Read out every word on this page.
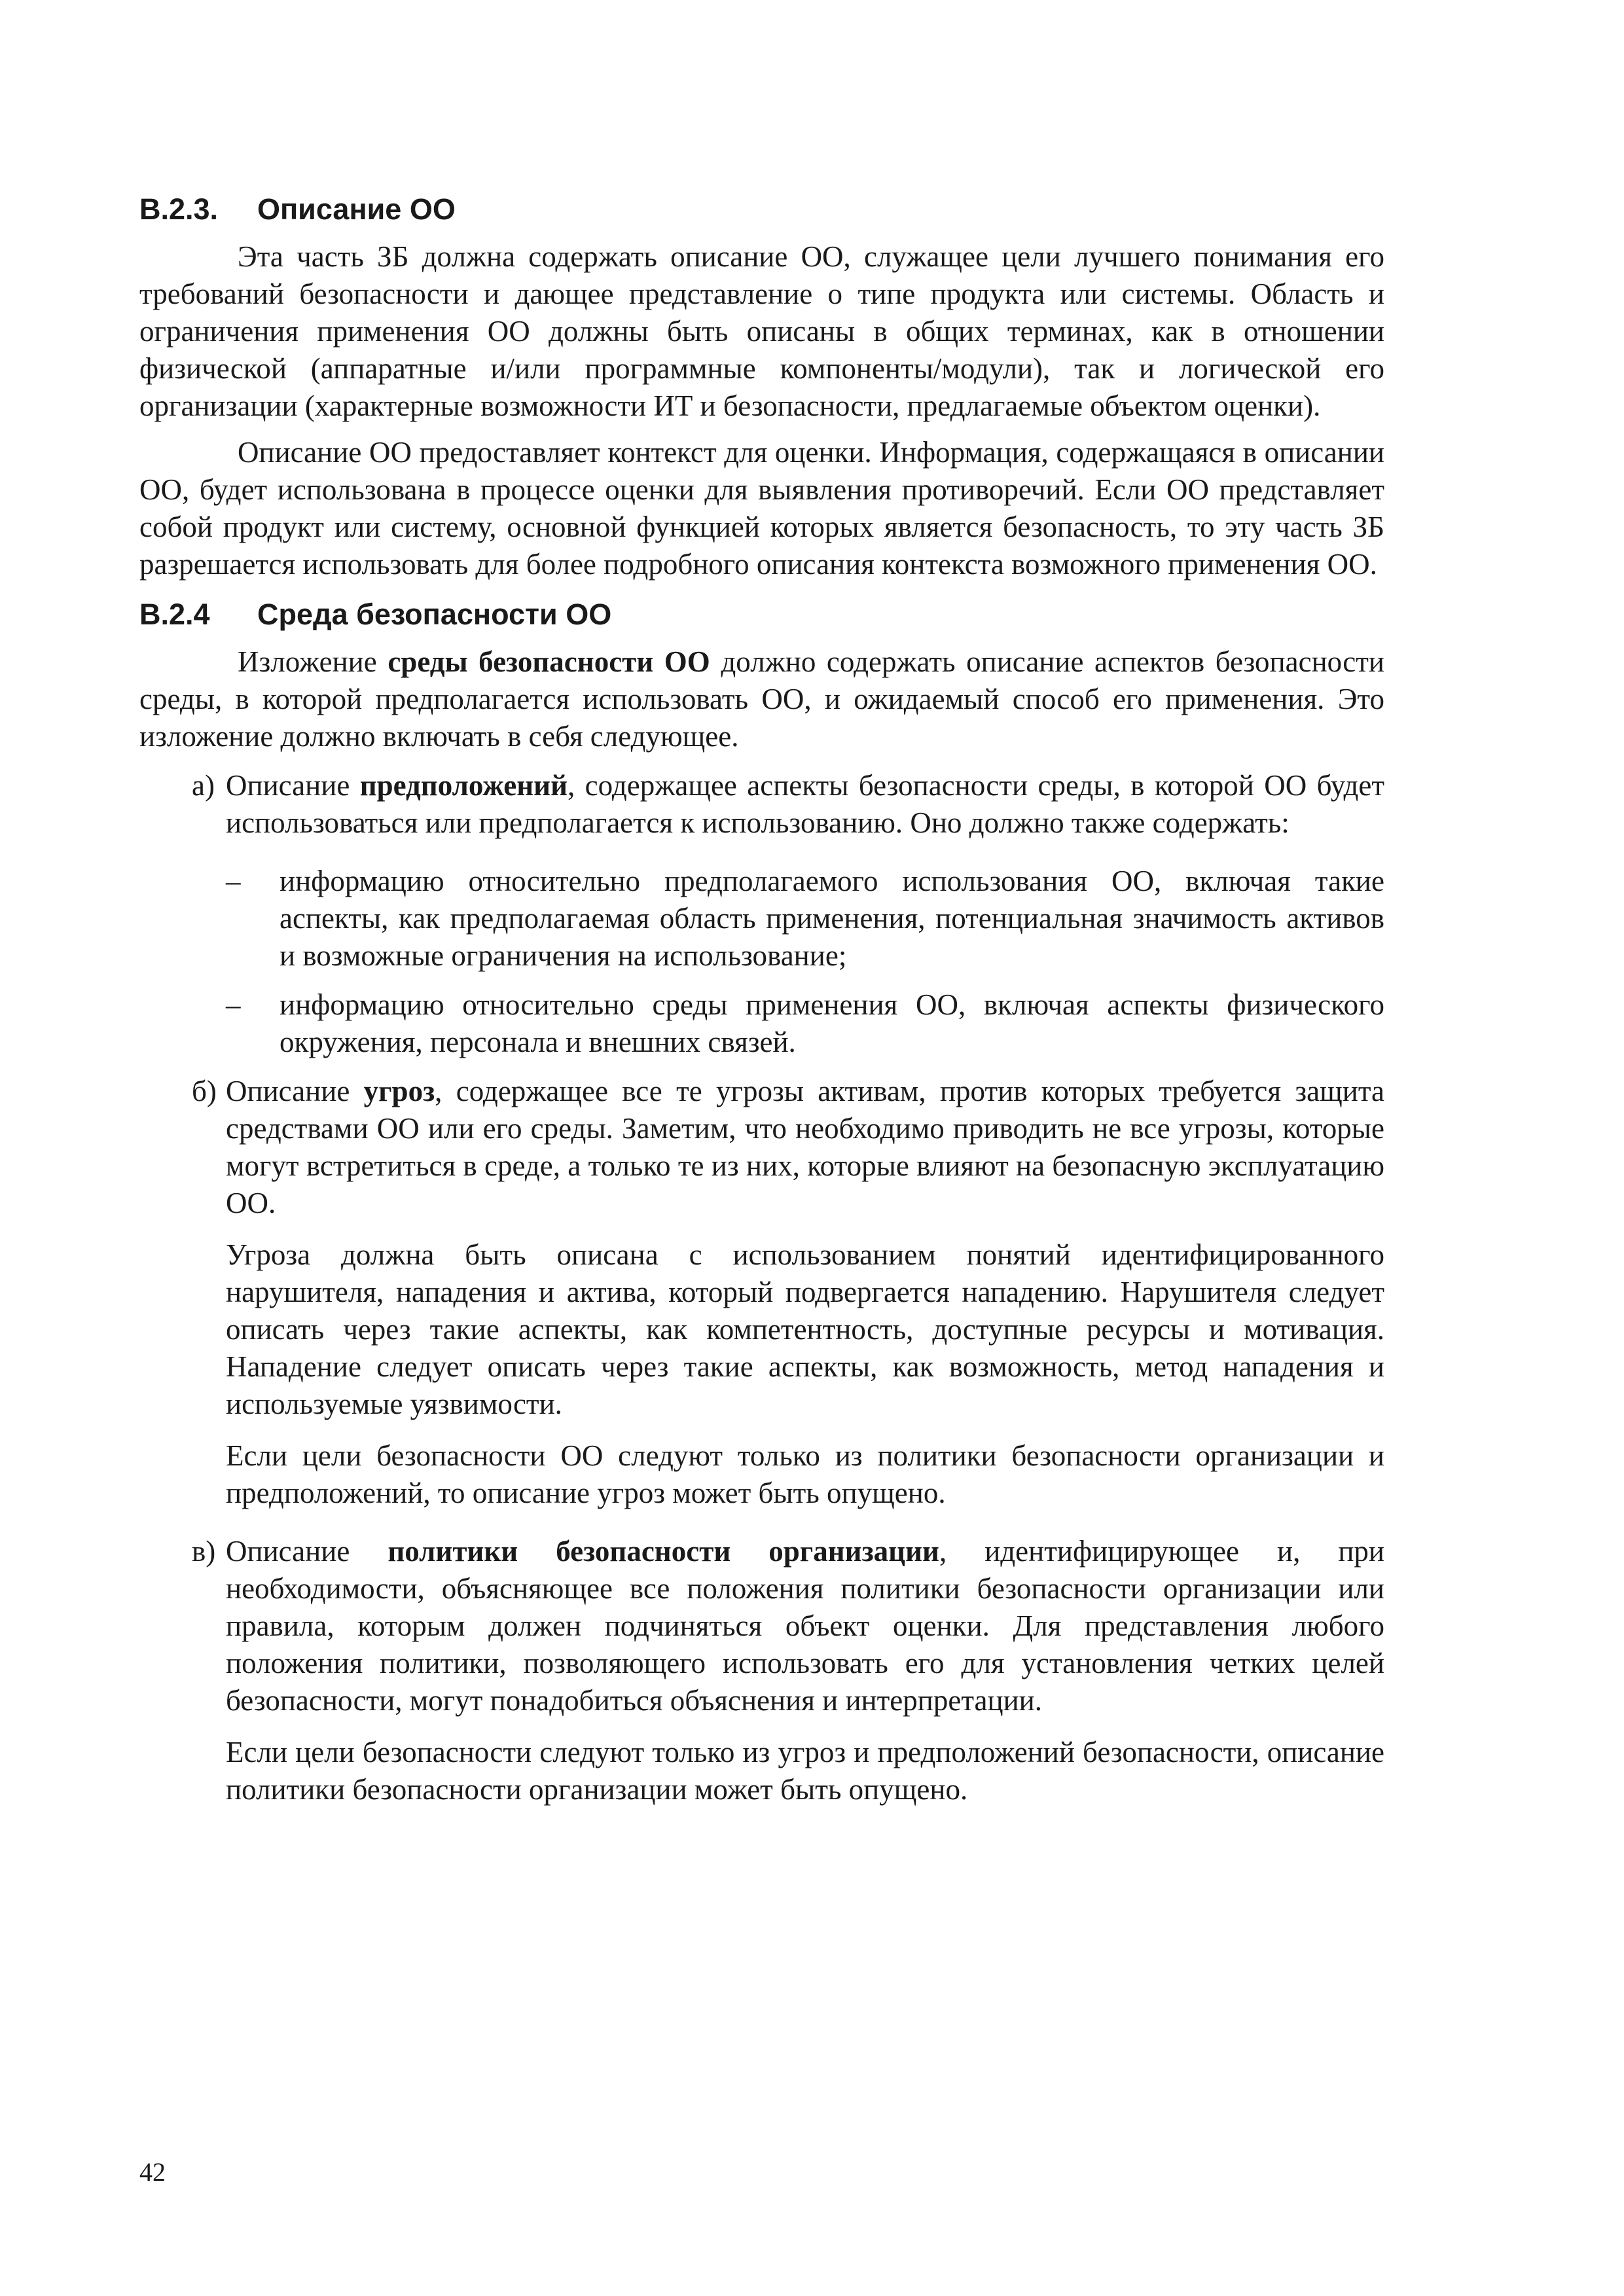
B.2.3.	Описание ОО

Эта часть ЗБ должна содержать описание ОО, служащее цели лучшего понимания его требований безопасности и дающее представление о типе продукта или системы. Область и ограничения применения ОО должны быть описаны в общих терминах, как в отношении физической (аппаратные и/или программные компоненты/модули), так и логической его организации (характерные возможности ИТ и безопасности, предлагаемые объектом оценки).

Описание ОО предоставляет контекст для оценки. Информация, содержащаяся в описании ОО, будет использована в процессе оценки для выявления противоречий. Если ОО представляет собой продукт или систему, основной функцией которых является безопасность, то эту часть ЗБ разрешается использовать для более подробного описания контекста возможного применения ОО.

B.2.4	Среда безопасности ОО

Изложение среды безопасности ОО должно содержать описание аспектов безопасности среды, в которой предполагается использовать ОО, и ожидаемый способ его применения. Это изложение должно включать в себя следующее.

а) Описание предположений, содержащее аспекты безопасности среды, в которой ОО будет использоваться или предполагается к использованию. Оно должно также содержать:

–	информацию относительно предполагаемого использования ОО, включая такие аспекты, как предполагаемая область применения, потенциальная значимость активов и возможные ограничения на использование;
–	информацию относительно среды применения ОО, включая аспекты физического окружения, персонала и внешних связей.
б) Описание угроз, содержащее все те угрозы активам, против которых требуется защита средствами ОО или его среды. Заметим, что необходимо приводить не все угрозы, которые могут встретиться в среде, а только те из них, которые влияют на безопасную эксплуатацию ОО.

Угроза должна быть описана с использованием понятий идентифицированного нарушителя, нападения и актива, который подвергается нападению. Нарушителя следует описать через такие аспекты, как компетентность, доступные ресурсы и мотивация. Нападение следует описать через такие аспекты, как возможность, метод нападения и используемые уязвимости.

Если цели безопасности ОО следуют только из политики безопасности организации и предположений, то описание угроз может быть опущено.

в) Описание политики безопасности организации, идентифицирующее и, при необходимости, объясняющее все положения политики безопасности организации или правила, которым должен подчиняться объект оценки. Для представления любого положения политики, позволяющего использовать его для установления четких целей безопасности, могут понадобиться объяснения и интерпретации.

Если цели безопасности следуют только из угроз и предположений безопасности, описание политики безопасности организации может быть опущено.

42
